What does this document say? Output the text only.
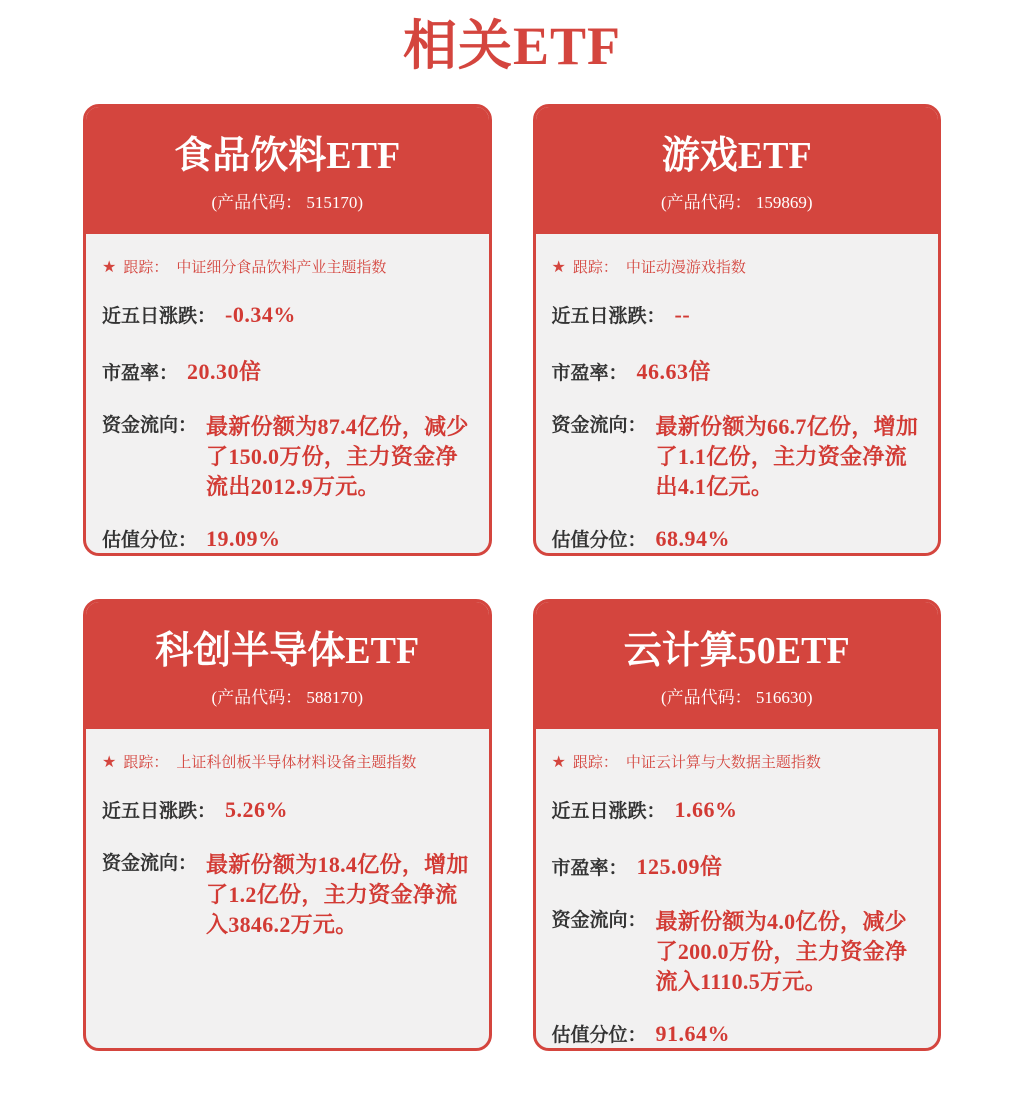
相关ETF
食品饮料ETF
(产品代码： 515170)
★ 跟踪： 中证细分食品饮料产业主题指数
近五日涨跌： -0.34%
市盈率： 20.30倍
资金流向： 最新份额为87.4亿份，减少了150.0万份，主力资金净流出2012.9万元。
估值分位： 19.09%
游戏ETF
(产品代码： 159869)
★ 跟踪： 中证动漫游戏指数
近五日涨跌： --
市盈率： 46.63倍
资金流向： 最新份额为66.7亿份，增加了1.1亿份，主力资金净流出4.1亿元。
估值分位： 68.94%
科创半导体ETF
(产品代码： 588170)
★ 跟踪： 上证科创板半导体材料设备主题指数
近五日涨跌： 5.26%
资金流向： 最新份额为18.4亿份，增加了1.2亿份，主力资金净流入3846.2万元。
云计算50ETF
(产品代码： 516630)
★ 跟踪： 中证云计算与大数据主题指数
近五日涨跌： 1.66%
市盈率： 125.09倍
资金流向： 最新份额为4.0亿份，减少了200.0万份，主力资金净流入1110.5万元。
估值分位： 91.64%
